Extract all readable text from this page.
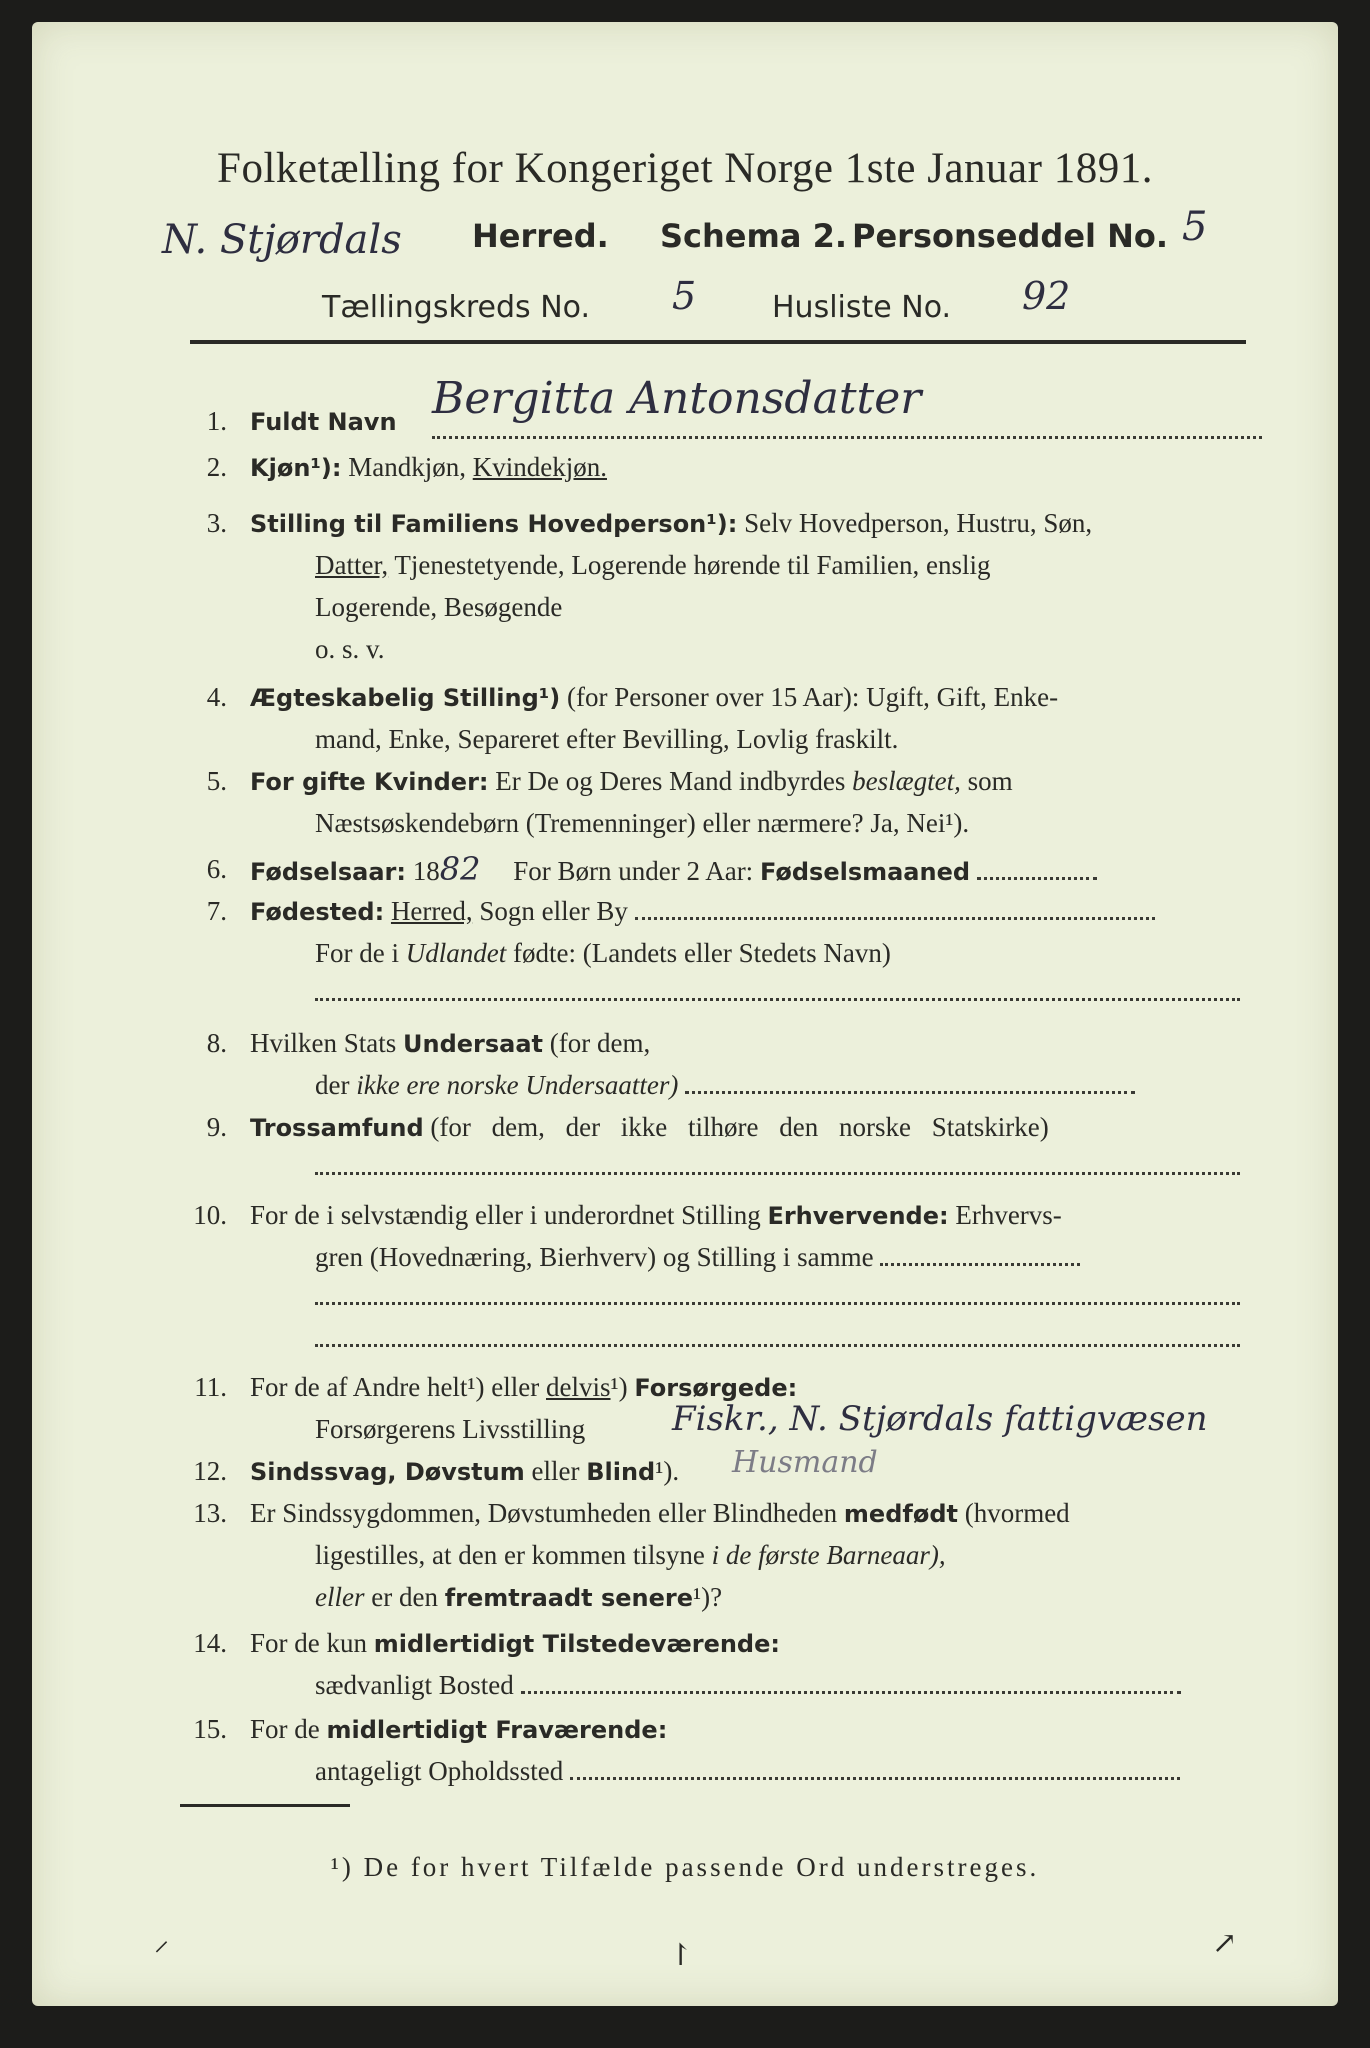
Folketælling for Kongeriget Norge 1ste Januar 1891.
N. Stjørdals Herred. Schema 2. Personseddel No. 5
Tællingskreds No. 5	Husliste No. 92
1. Fuldt Navn Bergitta Antonsdatter
2. Kjøn¹): Mandkjøn, Kvindekjøn.
3. Stilling til Familiens Hovedperson¹): Selv Hovedperson, Hustru, Søn,
Datter, Tjenestetyende, Logerende hørende til Familien, enslig
Logerende, Besøgende
o. s. v.
4. Ægteskabelig Stilling¹) (for Personer over 15 Aar): Ugift, Gift, Enke-
mand, Enke, Separeret efter Bevilling, Lovlig fraskilt.
5. For gifte Kvinder: Er De og Deres Mand indbyrdes beslægtet, som
Næstsøskendebørn (Tremenninger) eller nærmere? Ja, Nei¹).
6. Fødselsaar: 1882 For Børn under 2 Aar: Fødselsmaaned
7. Fødested: Herred, Sogn eller By
For de i Udlandet fødte: (Landets eller Stedets Navn)
8. Hvilken Stats Undersaat (for dem,
der ikke ere norske Undersaatter)
9. Trossamfund (for dem, der ikke tilhøre den norske Statskirke)
10. For de i selvstændig eller i underordnet Stilling Erhvervende: Erhvervs-
gren (Hovednæring, Bierhverv) og Stilling i samme
11. For de af Andre helt¹) eller delvis¹) Forsørgede:
Forsørgerens Livsstilling	Fiskr., N. Stjørdals fattigvæsen
12. Sindssvag, Døvstum eller Blind¹).	Husmand
13. Er Sindssygdommen, Døvstumheden eller Blindheden medfødt (hvormed
ligestilles, at den er kommen tilsyne i de første Barneaar),
eller er den fremtraadt senere¹)?
14. For de kun midlertidigt Tilstedeværende:
sædvanligt Bosted
15. For de midlertidigt Fraværende:
antageligt Opholdssted
¹) De for hvert Tilfælde passende Ord understreges.
⸝	↾	↗
